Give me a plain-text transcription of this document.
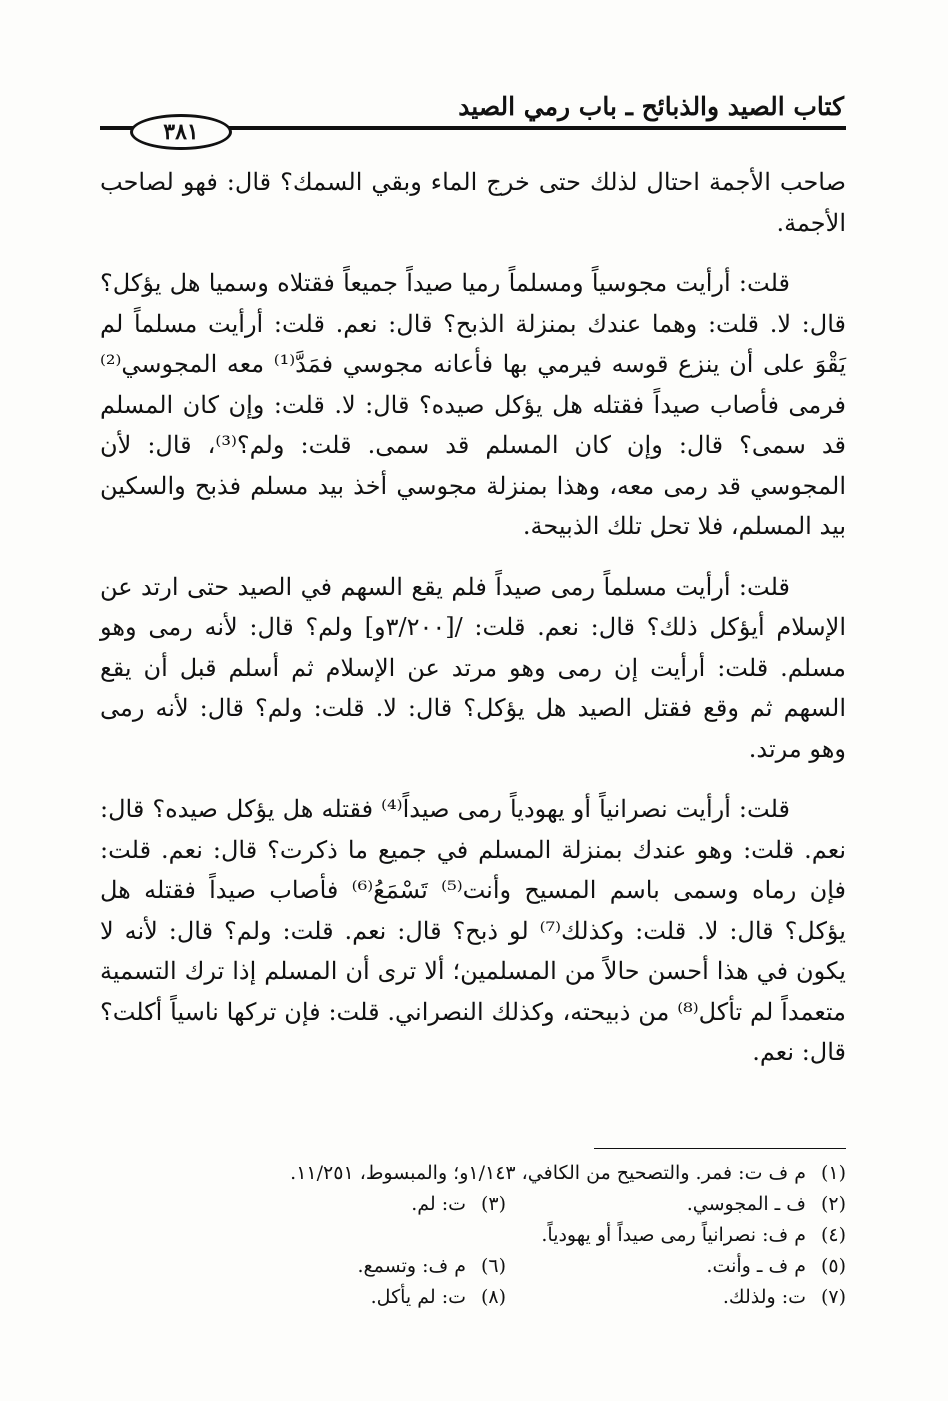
كتاب الصيد والذبائح ـ باب رمي الصيد
٣٨١

صاحب الأجمة احتال لذلك حتى خرج الماء وبقي السمك؟ قال: فهو لصاحب الأجمة.

قلت: أرأيت مجوسياً ومسلماً رميا صيداً جميعاً فقتلاه وسميا هل يؤكل؟ قال: لا. قلت: وهما عندك بمنزلة الذبح؟ قال: نعم. قلت: أرأيت مسلماً لم يَقْوَ على أن ينزع قوسه فيرمي بها فأعانه مجوسي فمَدَّ⁽¹⁾ معه المجوسي⁽²⁾ فرمى فأصاب صيداً فقتله هل يؤكل صيده؟ قال: لا. قلت: وإن كان المسلم قد سمى؟ قال: وإن كان المسلم قد سمى. قلت: ولم؟⁽³⁾، قال: لأن المجوسي قد رمى معه، وهذا بمنزلة مجوسي أخذ بيد مسلم فذبح والسكين بيد المسلم، فلا تحل تلك الذبيحة.

قلت: أرأيت مسلماً رمى صيداً فلم يقع السهم في الصيد حتى ارتد عن الإسلام أيؤكل ذلك؟ قال: نعم. قلت: /[٣/٢٠٠و] ولم؟ قال: لأنه رمى وهو مسلم. قلت: أرأيت إن رمى وهو مرتد عن الإسلام ثم أسلم قبل أن يقع السهم ثم وقع فقتل الصيد هل يؤكل؟ قال: لا. قلت: ولم؟ قال: لأنه رمى وهو مرتد.

قلت: أرأيت نصرانياً أو يهودياً رمى صيداً⁽⁴⁾ فقتله هل يؤكل صيده؟ قال: نعم. قلت: وهو عندك بمنزلة المسلم في جميع ما ذكرت؟ قال: نعم. قلت: فإن رماه وسمى باسم المسيح وأنت⁽⁵⁾ تَسْمَعُ⁽⁶⁾ فأصاب صيداً فقتله هل يؤكل؟ قال: لا. قلت: وكذلك⁽⁷⁾ لو ذبح؟ قال: نعم. قلت: ولم؟ قال: لأنه لا يكون في هذا أحسن حالاً من المسلمين؛ ألا ترى أن المسلم إذا ترك التسمية متعمداً لم تأكل⁽⁸⁾ من ذبيحته، وكذلك النصراني. قلت: فإن تركها ناسياً أكلت؟ قال: نعم.

(١)م ف ت: فمر. والتصحيح من الكافي، ١/١٤٣و؛ والمبسوط، ١١/٢٥١.
(٢)ف ـ المجوسي.
(٣)ت: لم.
(٤)م ف: نصرانياً رمى صيداً أو يهودياً.
(٥)م ف ـ وأنت.
(٦)م ف: وتسمع.
(٧)ت: ولذلك.
(٨)ت: لم يأكل.
